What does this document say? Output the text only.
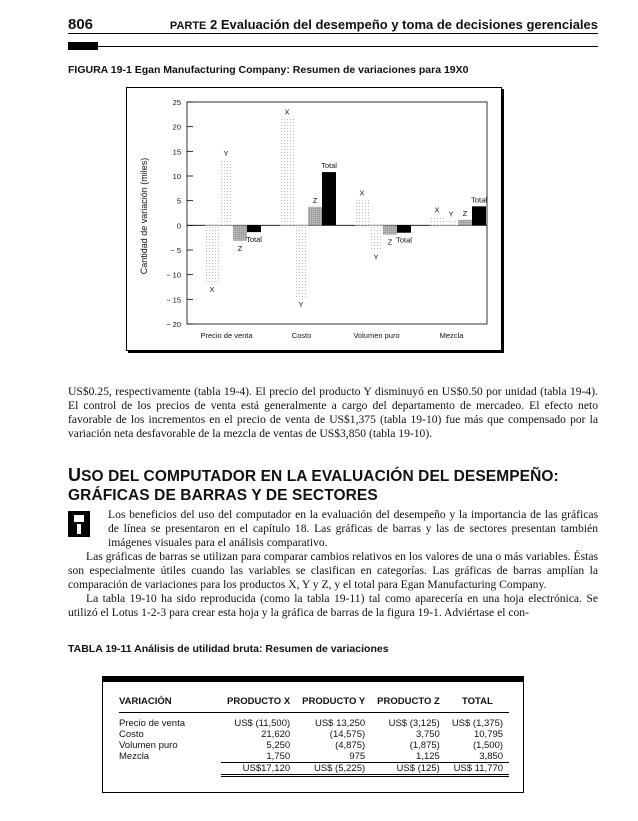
806	PARTE 2 Evaluación del desempeño y toma de decisiones gerenciales
FIGURA 19-1 Egan Manufacturing Company: Resumen de variaciones para 19X0
Cantidad de variación (miles)
25
20
15
10
5
0
− 5
− 10
− 15
− 20
Precio de venta
X
Y
Z
Total
Costo
X
Y
Z
Total
Volumen puro
X
Y
Z Total
Mezcla
X Y Z
Total
US$0.25, respectivamente (tabla 19-4). El precio del producto Y disminuyó en US$0.50 por unidad (tabla 19-4). El control de los precios de venta está generalmente a cargo del departamento de mercadeo. El efecto neto favorable de los incrementos en el precio de venta de US$1,375 (tabla 19-10) fue más que compensado por la variación neta desfavorable de la mezcla de ventas de US$3,850 (tabla 19-10).
USO DEL COMPUTADOR EN LA EVALUACIÓN DEL DESEMPEÑO:
GRÁFICAS DE BARRAS Y DE SECTORES
Los beneficios del uso del computador en la evaluación del desempeño y la importancia de las gráficas de línea se presentaron en el capítulo 18. Las gráficas de barras y las de sectores presentan también imágenes visuales para el análisis comparativo.
Las gráficas de barras se utilizan para comparar cambios relativos en los valores de una o más variables. Éstas son especialmente útiles cuando las variables se clasifican en categorías. Las gráficas de barras amplían la comparación de variaciones para los productos X, Y y Z, y el total para Egan Manufacturing Company.
La tabla 19-10 ha sido reproducida (como la tabla 19-11) tal como aparecería en una hoja electrónica. Se utilizó el Lotus 1-2-3 para crear esta hoja y la gráfica de barras de la figura 19-1. Adviértase el con-
TABLA 19-11 Análisis de utilidad bruta: Resumen de variaciones
VARIACIÓN	PRODUCTO X	PRODUCTO Y	PRODUCTO Z	TOTAL

Precio de venta	US$ (11,500)	US$ 13,250	US$ (3,125)	US$ (1,375)
Costo	21,620	(14,575)	3,750	10,795
Volumen puro	5,250	(4,875)	(1,875)	(1,500)
Mezcla	1,750	975	1,125	3,850
	US$17,120	US$ (5,225)	US$ (125)	US$ 11,770
